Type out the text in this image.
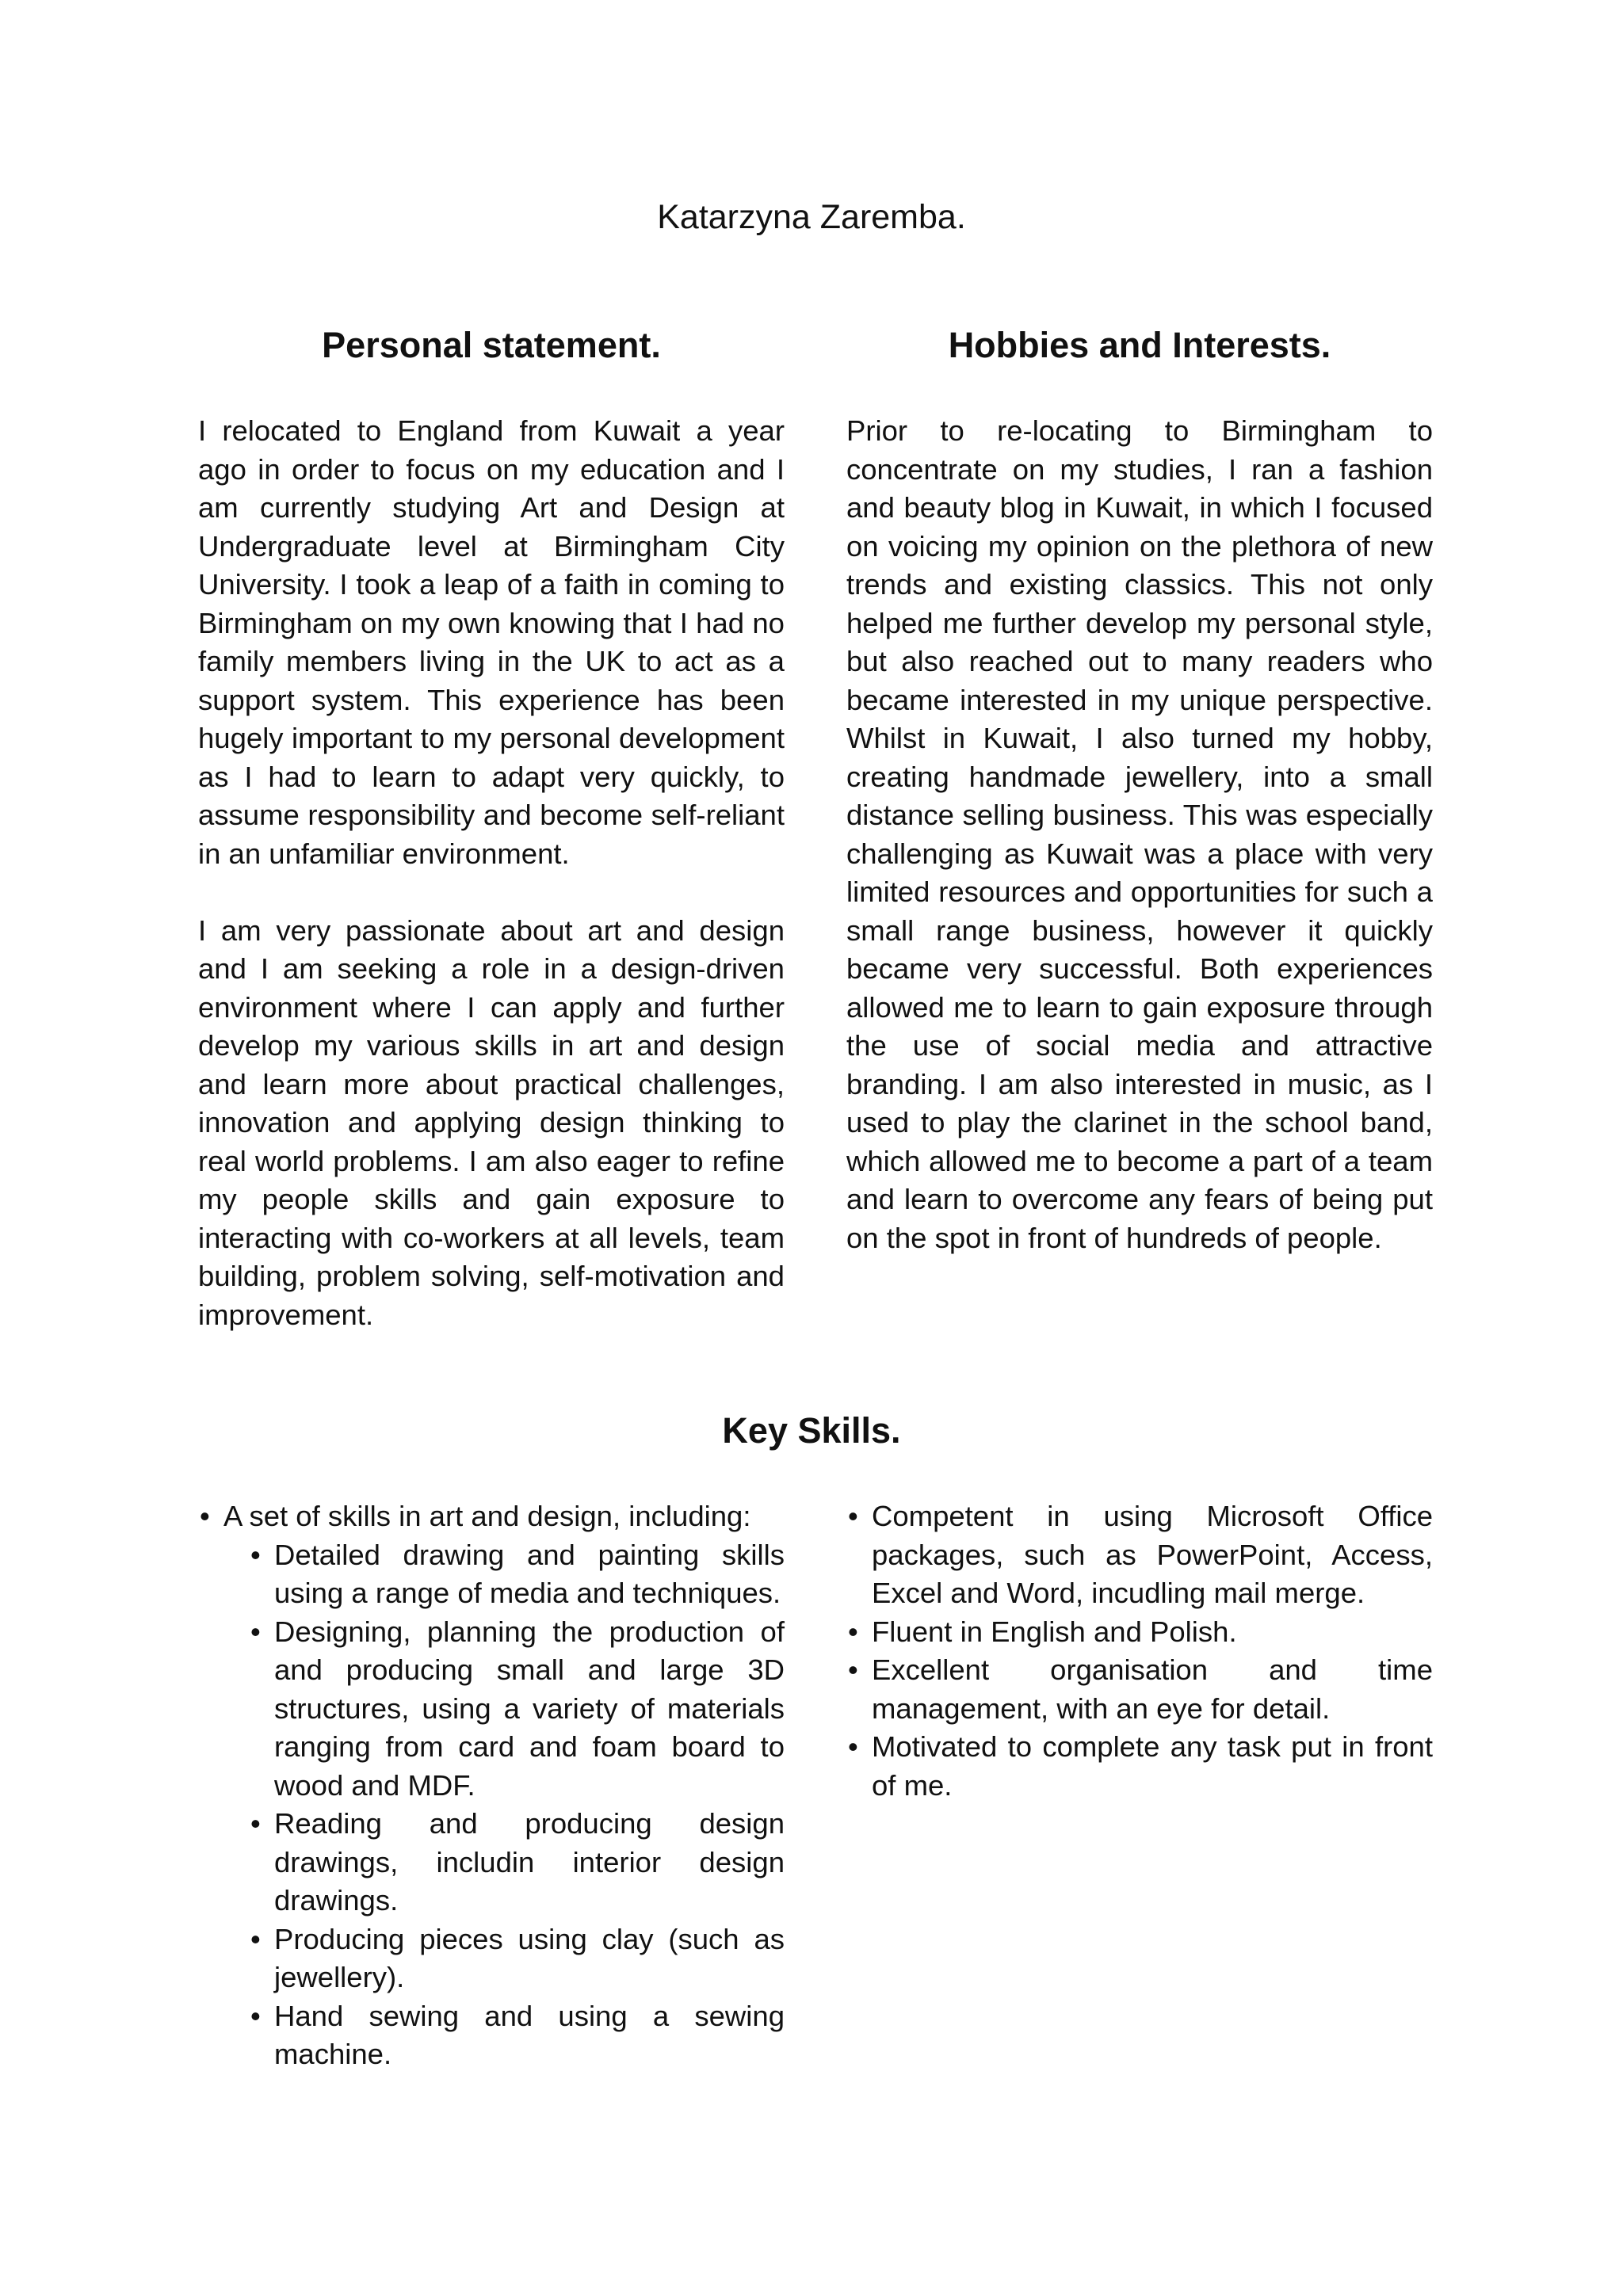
Katarzyna Zaremba.
Personal statement.

I relocated to England from Kuwait a year ago in order to focus on my education and I am currently studying Art and Design at Undergraduate level at Birmingham City University. I took a leap of a faith in coming to Birmingham on my own knowing that I had no family members living in the UK to act as a support system. This experience has been hugely important to my personal development as I had to learn to adapt very quickly, to assume responsibility and become self-reliant in an unfamiliar environment.

I am very passionate about art and design and I am seeking a role in a design-driven environment where I can apply and further develop my various skills in art and design and learn more about practical challenges, innovation and applying design thinking to real world problems. I am also eager to refine my people skills and gain exposure to interacting with co-workers at all levels, team building, problem solving, self-motivation and improvement.

Hobbies and Interests.

Prior to re-locating to Birmingham to concentrate on my studies, I ran a fashion and beauty blog in Kuwait, in which I focused on voicing my opinion on the plethora of new trends and existing classics. This not only helped me further develop my personal style, but also reached out to many readers who became interested in my unique perspective. Whilst in Kuwait, I also turned my hobby, creating handmade jewellery, into a small distance selling business. This was especially challenging as Kuwait was a place with very limited resources and opportunities for such a small range business, however it quickly became very successful. Both experiences allowed me to learn to gain exposure through the use of social media and attractive branding. I am also interested in music, as I used to play the clarinet in the school band, which allowed me to become a part of a team and learn to overcome any fears of being put on the spot in front of hundreds of people.

Key Skills.
• A set of skills in art and design, including:
• Detailed drawing and painting skills using a range of media and techniques.
• Designing, planning the production of and producing small and large 3D structures, using a variety of materials ranging from card and foam board to wood and MDF.
• Reading and producing design drawings, includin interior design drawings.
• Producing pieces using clay (such as jewellery).
• Hand sewing and using a sewing machine.
• Competent in using Microsoft Office packages, such as PowerPoint, Access, Excel and Word, incudling mail merge.
• Fluent in English and Polish.
• Excellent organisation and time management, with an eye for detail.
• Motivated to complete any task put in front of me.
